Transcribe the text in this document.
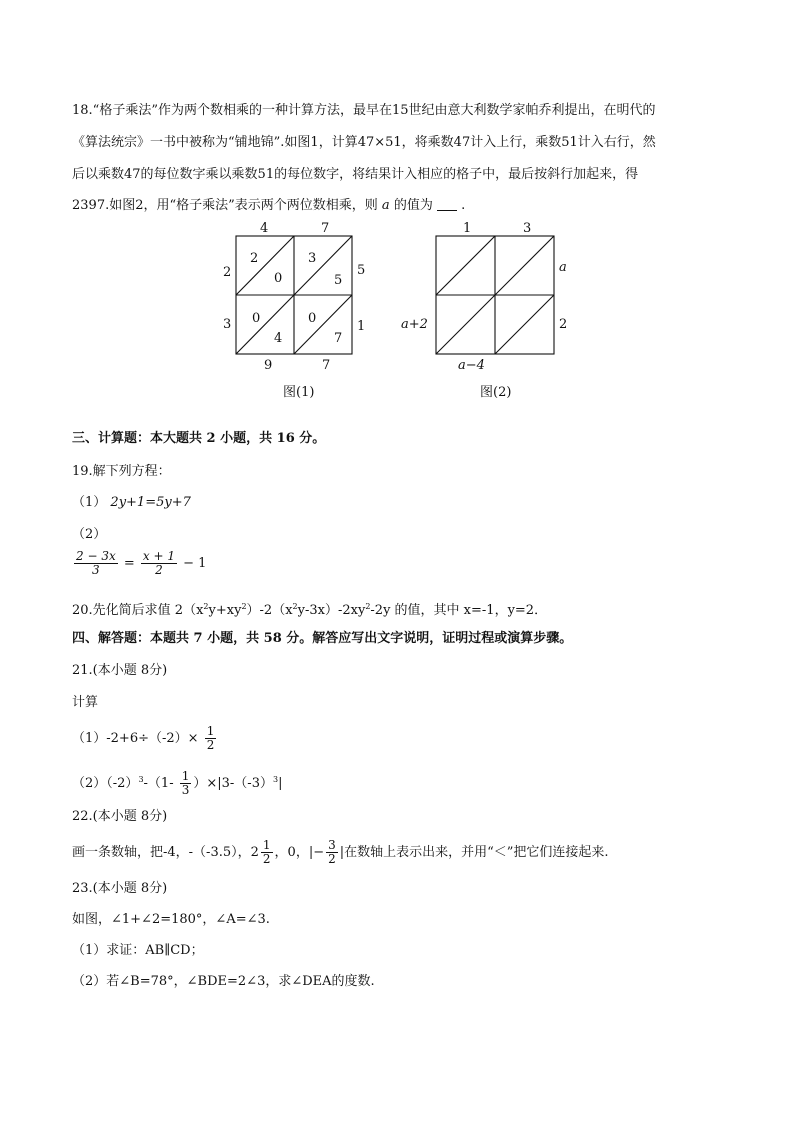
18.“格子乘法”作为两个数相乘的一种计算方法，最早在15世纪由意大利数学家帕乔利提出，在明代的
《算法统宗》一书中被称为“铺地锦”.如图1，计算47×51，将乘数47计入上行，乘数51计入右行，然
后以乘数47的每位数字乘以乘数51的每位数字，将结果计入相应的格子中，最后按斜行加起来，得
2397.如图2，用“格子乘法”表示两个两位数相乘，则 a 的值为 .
4	7
2
3
5
1
9	7
2
0
3
5
0
4
0
7
图(1)
1	3
a
2
a+2
a−4
图(2)
三、计算题：本大题共 2 小题，共 16 分。
19.解下列方程：
（1） 2y+1=5y+7
（2）
$\frac{2 - 3x}{3} = \frac{x + 1}{2} - 1$
20.先化简后求值 $2(x^2y+xy^2)-2(x^2y-3x)-2xy^2-2y$ 的值，其中 x=-1，y=2．
四、解答题：本题共 7 小题，共 58 分。解答应写出文字说明，证明过程或演算步骤。
21.(本小题 8分)
计算
$(1)-2+6\div(-2)\times \frac{1}{2}$
$(2)(-2)^3-(1- \frac{1}{3} )\times|3-(-3)^3|$
22.(本小题 8分)
画一条数轴，把-4，-（-3.5），$2 \frac{1}{2}$ ，0，|− $\frac{3}{2}$ |在数轴上表示出来，并用“＜”把它们连接起来.
23.(本小题 8分)
如图，∠1+∠2=180°，∠A=∠3.
（1）求证：AB∥CD；
（2）若∠B=78°，∠BDE=2∠3，求∠DEA的度数.
